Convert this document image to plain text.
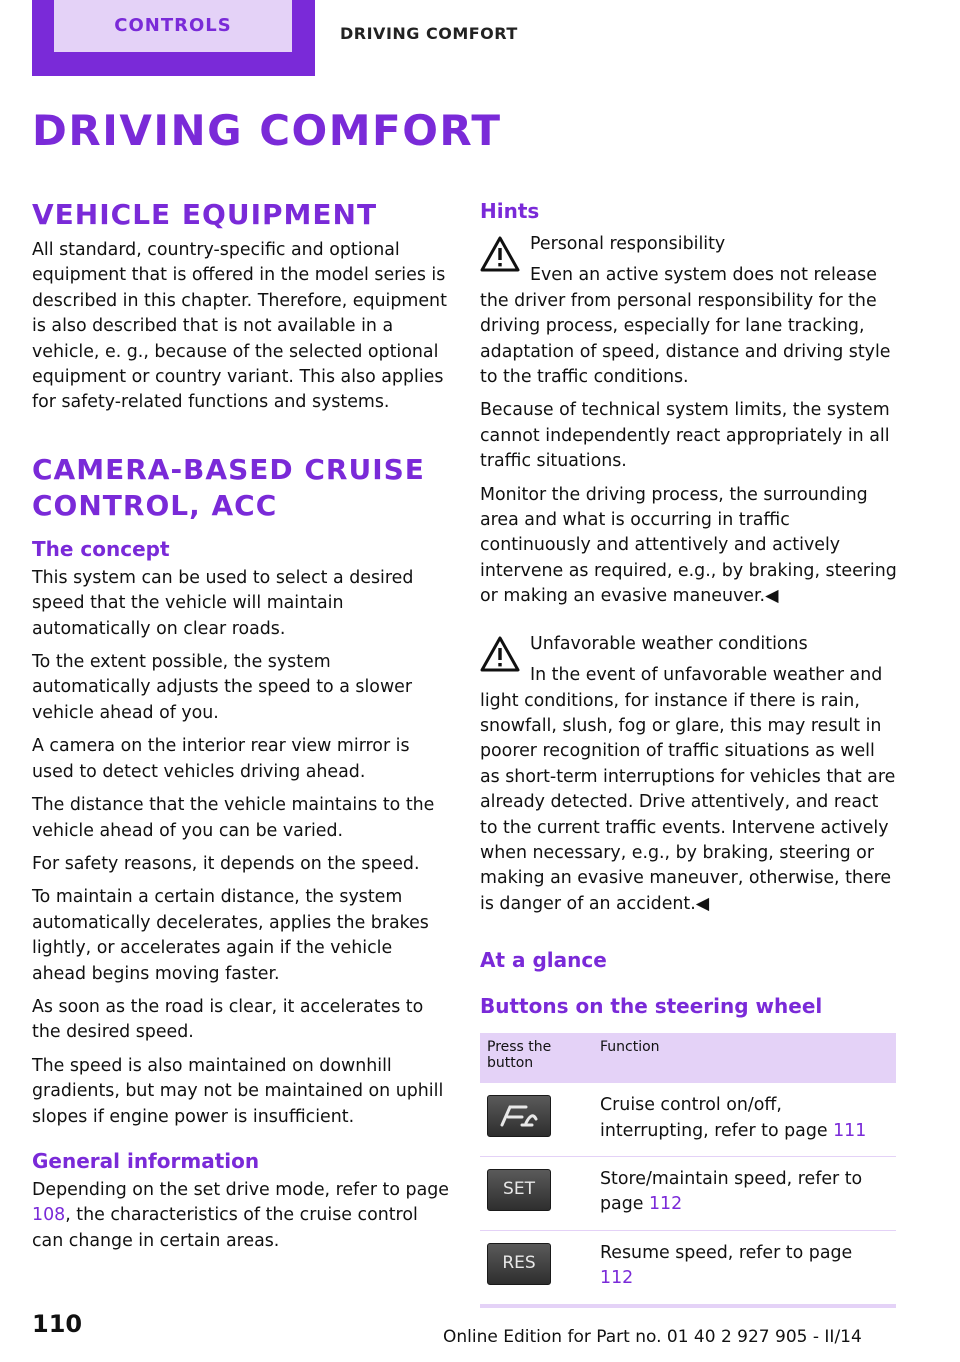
CONTROLS	DRIVING COMFORT
DRIVING COMFORT
VEHICLE EQUIPMENT

All standard, country-specific and optional equipment that is offered in the model series is described in this chapter. Therefore, equipment is also described that is not available in a vehicle, e. g., because of the selected optional equipment or country variant. This also applies for safety-related functions and systems.

CAMERA-BASED CRUISE CONTROL, ACC
The concept

This system can be used to select a desired speed that the vehicle will maintain automatically on clear roads.

To the extent possible, the system automatically adjusts the speed to a slower vehicle ahead of you.

A camera on the interior rear view mirror is used to detect vehicles driving ahead.

The distance that the vehicle maintains to the vehicle ahead of you can be varied.

For safety reasons, it depends on the speed.

To maintain a certain distance, the system automatically decelerates, applies the brakes lightly, or accelerates again if the vehicle ahead begins moving faster.

As soon as the road is clear, it accelerates to the desired speed.

The speed is also maintained on downhill gradients, but may not be maintained on uphill slopes if engine power is insufficient.

General information

Depending on the set drive mode, refer to page 108, the characteristics of the cruise control can change in certain areas.

Hints

Personal responsibility

Even an active system does not release

the driver from personal responsibility for the driving process, especially for lane tracking, adaptation of speed, distance and driving style to the traffic conditions.

Because of technical system limits, the system cannot independently react appropriately in all traffic situations.

Monitor the driving process, the surrounding area and what is occurring in traffic continuously and attentively and actively intervene as required, e.g., by braking, steering or making an evasive maneuver.◀

Unfavorable weather conditions

In the event of unfavorable weather and

light conditions, for instance if there is rain, snowfall, slush, fog or glare, this may result in poorer recognition of traffic situations as well as short-term interruptions for vehicles that are already detected. Drive attentively, and react to the current traffic events. Intervene actively when necessary, e.g., by braking, steering or making an evasive maneuver, otherwise, there is danger of an accident.◀

At a glance
Buttons on the steering wheel
Press the button	Function

	Cruise control on/off, interrupting, refer to page 111

SET	Store/maintain speed, refer to page 112

RES	Resume speed, refer to page 112
110	Online Edition for Part no. 01 40 2 927 905 - II/14
